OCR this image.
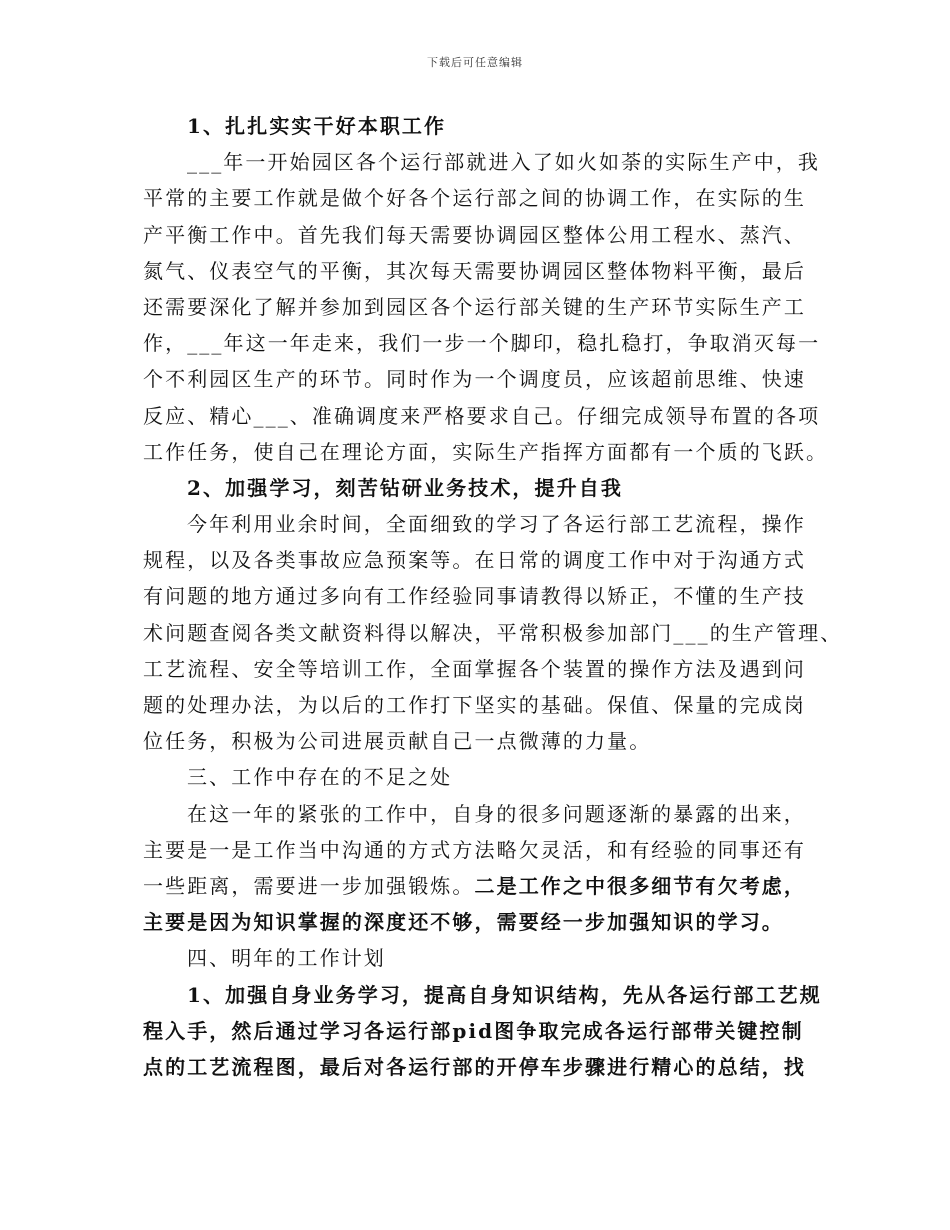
下载后可任意编辑
1、扎扎实实干好本职工作
___年一开始园区各个运行部就进入了如火如荼的实际生产中，我
平常的主要工作就是做个好各个运行部之间的协调工作，在实际的生
产平衡工作中。首先我们每天需要协调园区整体公用工程水、蒸汽、
氮气、仪表空气的平衡，其次每天需要协调园区整体物料平衡，最后
还需要深化了解并参加到园区各个运行部关键的生产环节实际生产工
作，___年这一年走来，我们一步一个脚印，稳扎稳打，争取消灭每一
个不利园区生产的环节。同时作为一个调度员，应该超前思维、快速
反应、精心___、准确调度来严格要求自己。仔细完成领导布置的各项
工作任务，使自己在理论方面，实际生产指挥方面都有一个质的飞跃。
2、加强学习，刻苦钻研业务技术，提升自我
今年利用业余时间，全面细致的学习了各运行部工艺流程，操作
规程，以及各类事故应急预案等。在日常的调度工作中对于沟通方式
有问题的地方通过多向有工作经验同事请教得以矫正，不懂的生产技
术问题查阅各类文献资料得以解决，平常积极参加部门___的生产管理、
工艺流程、安全等培训工作，全面掌握各个装置的操作方法及遇到问
题的处理办法，为以后的工作打下坚实的基础。保值、保量的完成岗
位任务，积极为公司进展贡献自己一点微薄的力量。
三、工作中存在的不足之处
在这一年的紧张的工作中，自身的很多问题逐渐的暴露的出来，
主要是一是工作当中沟通的方式方法略欠灵活，和有经验的同事还有
一些距离，需要进一步加强锻炼。二是工作之中很多细节有欠考虑，
主要是因为知识掌握的深度还不够，需要经一步加强知识的学习。
四、明年的工作计划
1、加强自身业务学习，提高自身知识结构，先从各运行部工艺规
程入手，然后通过学习各运行部pid图争取完成各运行部带关键控制
点的工艺流程图，最后对各运行部的开停车步骤进行精心的总结，找
